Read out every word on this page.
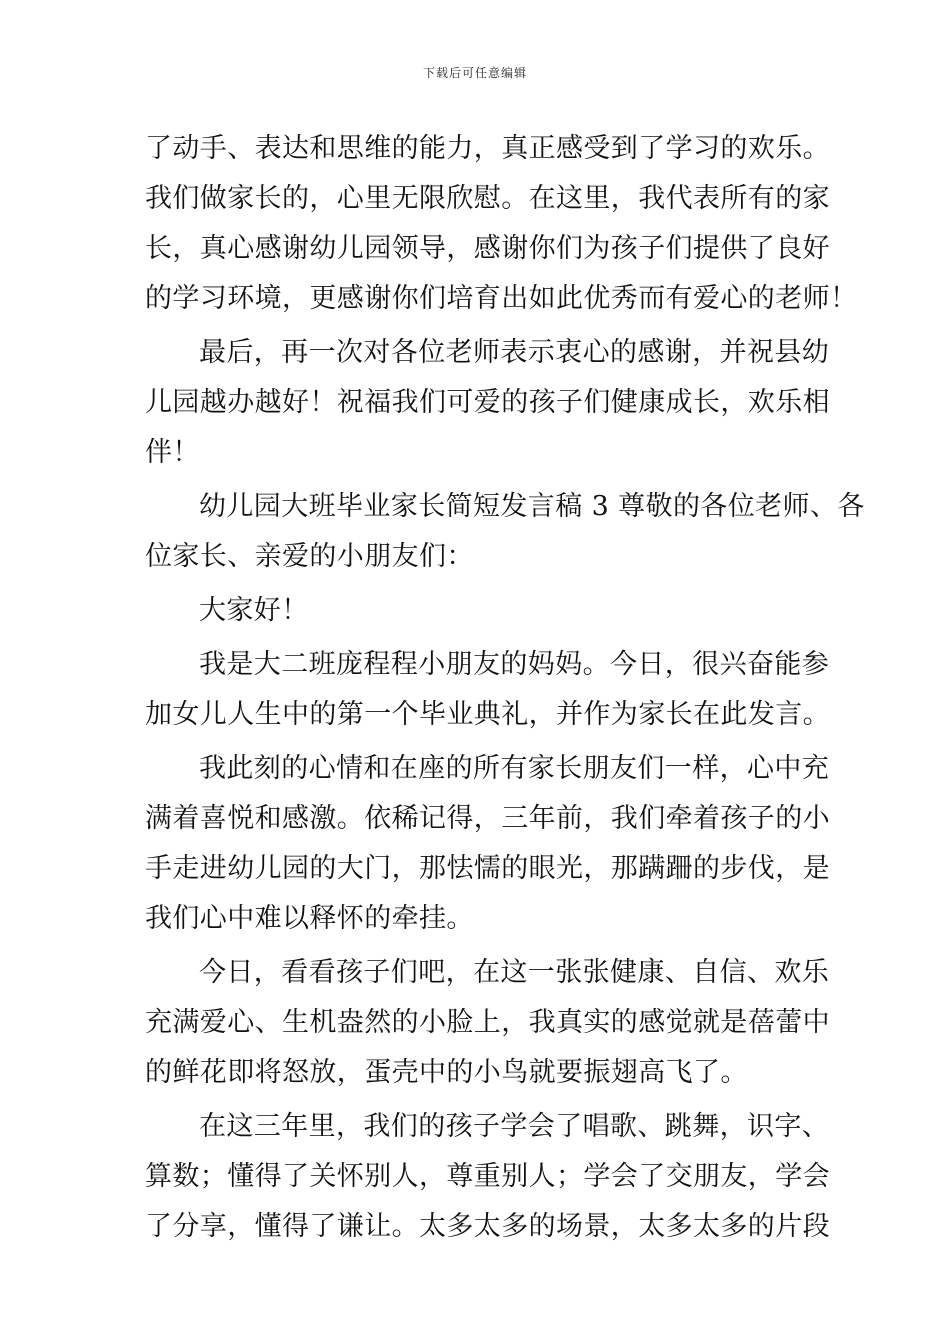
下载后可任意编辑
了动手、表达和思维的能力，真正感受到了学习的欢乐。
我们做家长的，心里无限欣慰。在这里，我代表所有的家
长，真心感谢幼儿园领导，感谢你们为孩子们提供了良好
的学习环境，更感谢你们培育出如此优秀而有爱心的老师！
最后，再一次对各位老师表示衷心的感谢，并祝县幼
儿园越办越好！祝福我们可爱的孩子们健康成长，欢乐相
伴！
幼儿园大班毕业家长简短发言稿 3 尊敬的各位老师、各
位家长、亲爱的小朋友们：
大家好！
我是大二班庞程程小朋友的妈妈。今日，很兴奋能参
加女儿人生中的第一个毕业典礼，并作为家长在此发言。
我此刻的心情和在座的所有家长朋友们一样，心中充
满着喜悦和感激。依稀记得，三年前，我们牵着孩子的小
手走进幼儿园的大门，那怯懦的眼光，那蹒跚的步伐，是
我们心中难以释怀的牵挂。
今日，看看孩子们吧，在这一张张健康、自信、欢乐
充满爱心、生机盎然的小脸上，我真实的感觉就是蓓蕾中
的鲜花即将怒放，蛋壳中的小鸟就要振翅高飞了。
在这三年里，我们的孩子学会了唱歌、跳舞，识字、
算数；懂得了关怀别人，尊重别人；学会了交朋友，学会
了分享，懂得了谦让。太多太多的场景，太多太多的片段
